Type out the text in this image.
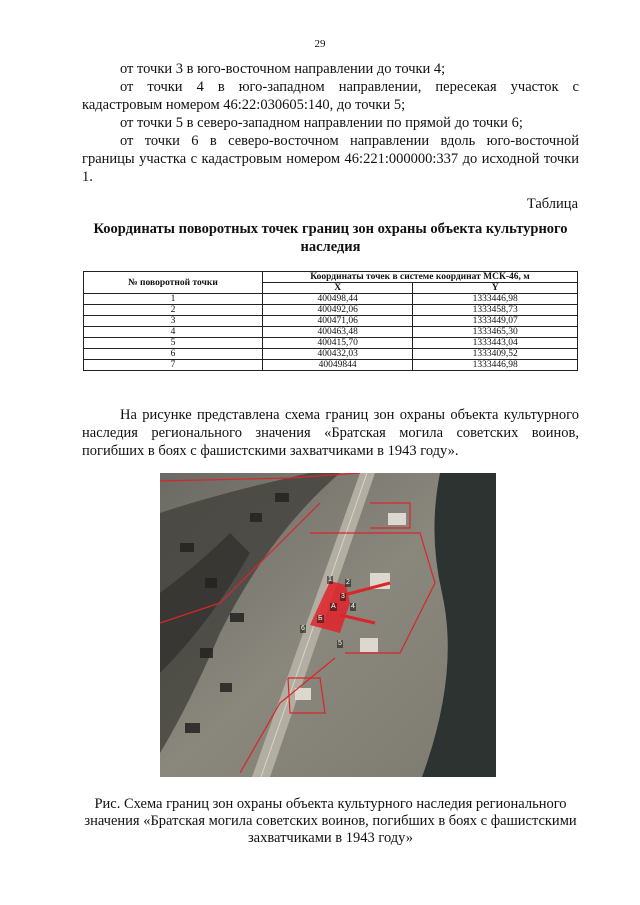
29

от точки 3 в юго-восточном направлении до точки 4;

от точки 4 в юго-западном направлении, пересекая участок с кадастровым номером 46:22:030605:140, до точки 5;

от точки 5 в северо-западном направлении по прямой до точки 6;

от точки 6 в северо-восточном направлении вдоль юго-восточной границы участка с кадастровым номером 46:221:000000:337 до исходной точки 1.

Таблица
Координаты поворотных точек границ зон охраны объекта культурного наследия
№ поворотной точки	Координаты точек в системе координат МСК-46, м	
	X	Y
1	400498,44	1333446,98
2	400492,06	1333458,73
3	400471,06	1333449,07
4	400463,48	1333465,30
5	400415,70	1333443,04
6	400432,03	1333409,52
7	40049844	1333446,98

На рисунке представлена схема границ зон охраны объекта культурного наследия регионального значения «Братская могила советских воинов, погибших в боях с фашистскими захватчиками в 1943 году».

1 2
3
4
5
6
А
Б
Рис. Схема границ зон охраны объекта культурного наследия регионального значения «Братская могила советских воинов, погибших в боях с фашистскими захватчиками в 1943 году»
